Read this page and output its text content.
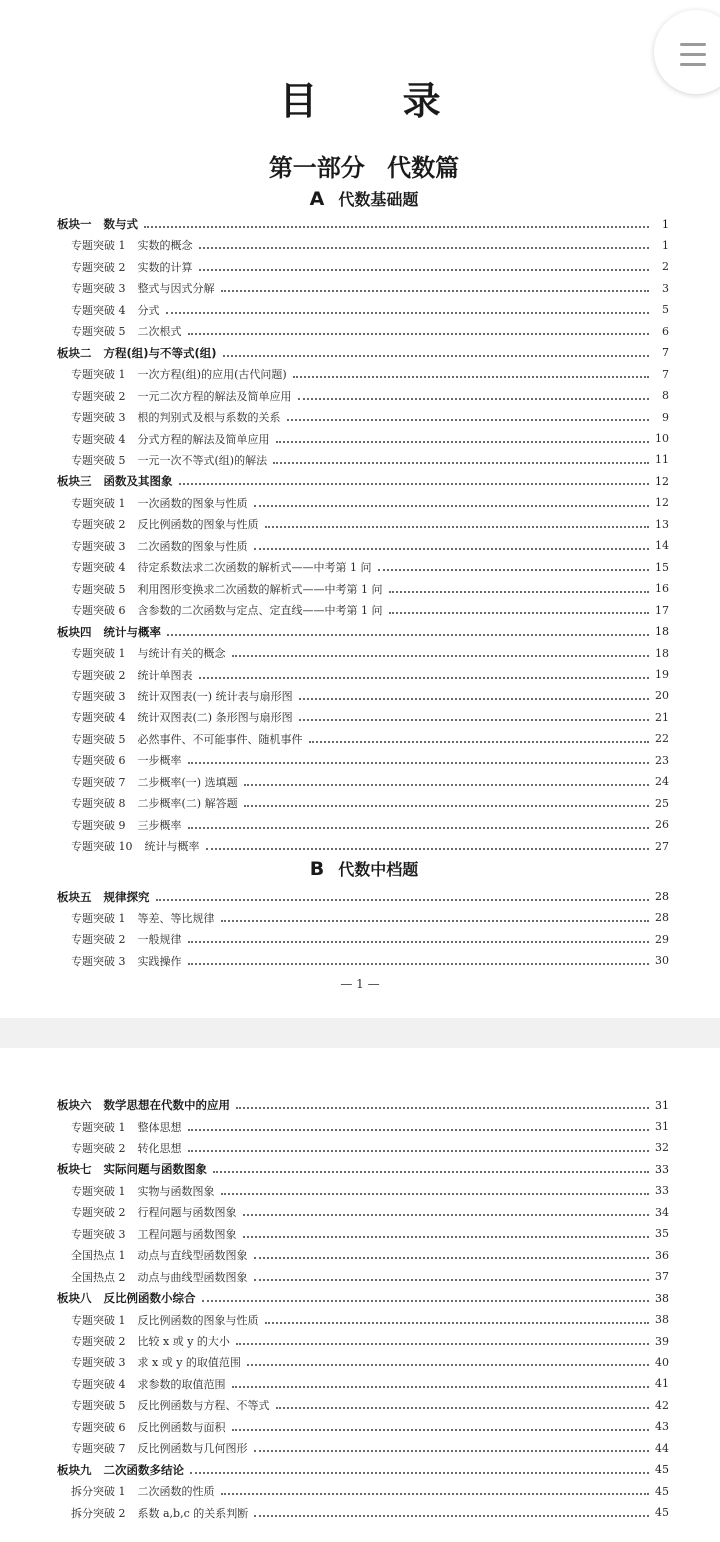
目 录
第一部分 代数篇
A 代数基础题
B 代数中档题
板块一 数与式	1
专题突破 1 实数的概念	1
专题突破 2 实数的计算	2
专题突破 3 整式与因式分解	3
专题突破 4 分式	5
专题突破 5 二次根式	6
板块二 方程(组)与不等式(组)	7
专题突破 1 一次方程(组)的应用(古代问题)	7
专题突破 2 一元二次方程的解法及简单应用	8
专题突破 3 根的判别式及根与系数的关系	9
专题突破 4 分式方程的解法及简单应用	10
专题突破 5 一元一次不等式(组)的解法	11
板块三 函数及其图象	12
专题突破 1 一次函数的图象与性质	12
专题突破 2 反比例函数的图象与性质	13
专题突破 3 二次函数的图象与性质	14
专题突破 4 待定系数法求二次函数的解析式——中考第 1 问	15
专题突破 5 利用图形变换求二次函数的解析式——中考第 1 问	16
专题突破 6 含参数的二次函数与定点、定直线——中考第 1 问	17
板块四 统计与概率	18
专题突破 1 与统计有关的概念	18
专题突破 2 统计单图表	19
专题突破 3 统计双图表(一) 统计表与扇形图	20
专题突破 4 统计双图表(二) 条形图与扇形图	21
专题突破 5 必然事件、不可能事件、随机事件	22
专题突破 6 一步概率	23
专题突破 7 二步概率(一) 选填题	24
专题突破 8 二步概率(二) 解答题	25
专题突破 9 三步概率	26
专题突破 10 统计与概率	27
板块五 规律探究	28
专题突破 1 等差、等比规律	28
专题突破 2 一般规律	29
专题突破 3 实践操作	30
板块六 数学思想在代数中的应用	31
专题突破 1 整体思想	31
专题突破 2 转化思想	32
板块七 实际问题与函数图象	33
专题突破 1 实物与函数图象	33
专题突破 2 行程问题与函数图象	34
专题突破 3 工程问题与函数图象	35
全国热点 1 动点与直线型函数图象	36
全国热点 2 动点与曲线型函数图象	37
板块八 反比例函数小综合	38
专题突破 1 反比例函数的图象与性质	38
专题突破 2 比较 x 或 y 的大小	39
专题突破 3 求 x 或 y 的取值范围	40
专题突破 4 求参数的取值范围	41
专题突破 5 反比例函数与方程、不等式	42
专题突破 6 反比例函数与面积	43
专题突破 7 反比例函数与几何图形	44
板块九 二次函数多结论	45
拆分突破 1 二次函数的性质	45
拆分突破 2 系数 a,b,c 的关系判断	45
— 1 —
